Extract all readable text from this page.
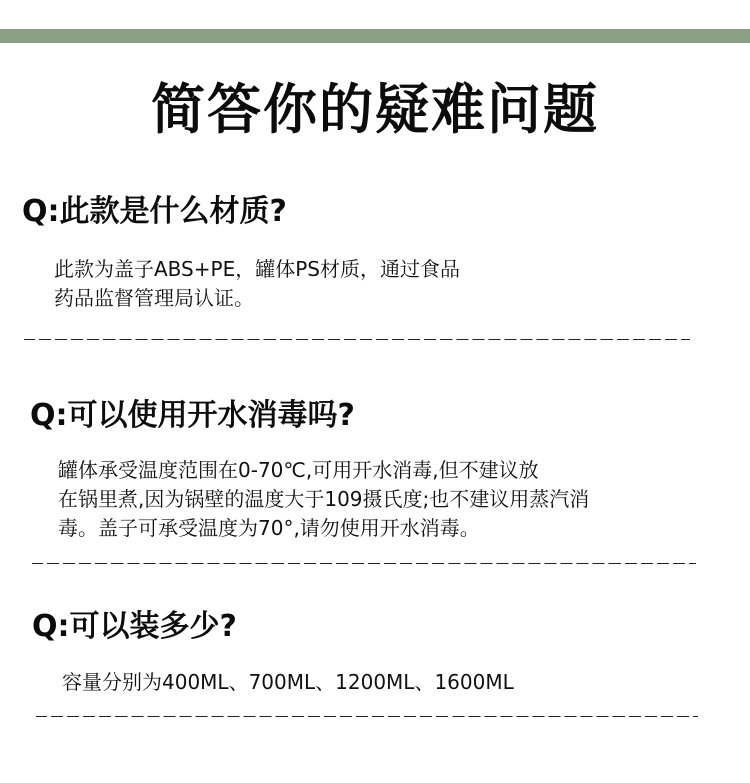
简答你的疑难问题
Q:此款是什么材质?
此款为盖子ABS+PE，罐体PS材质，通过食品
药品监督管理局认证。
Q:可以使用开水消毒吗?
罐体承受温度范围在0-70℃,可用开水消毒,但不建议放
在锅里煮,因为锅壁的温度大于109摄氏度;也不建议用蒸汽消
毒。盖子可承受温度为70°,请勿使用开水消毒。
Q:可以装多少?
容量分别为400ML、700ML、1200ML、1600ML
